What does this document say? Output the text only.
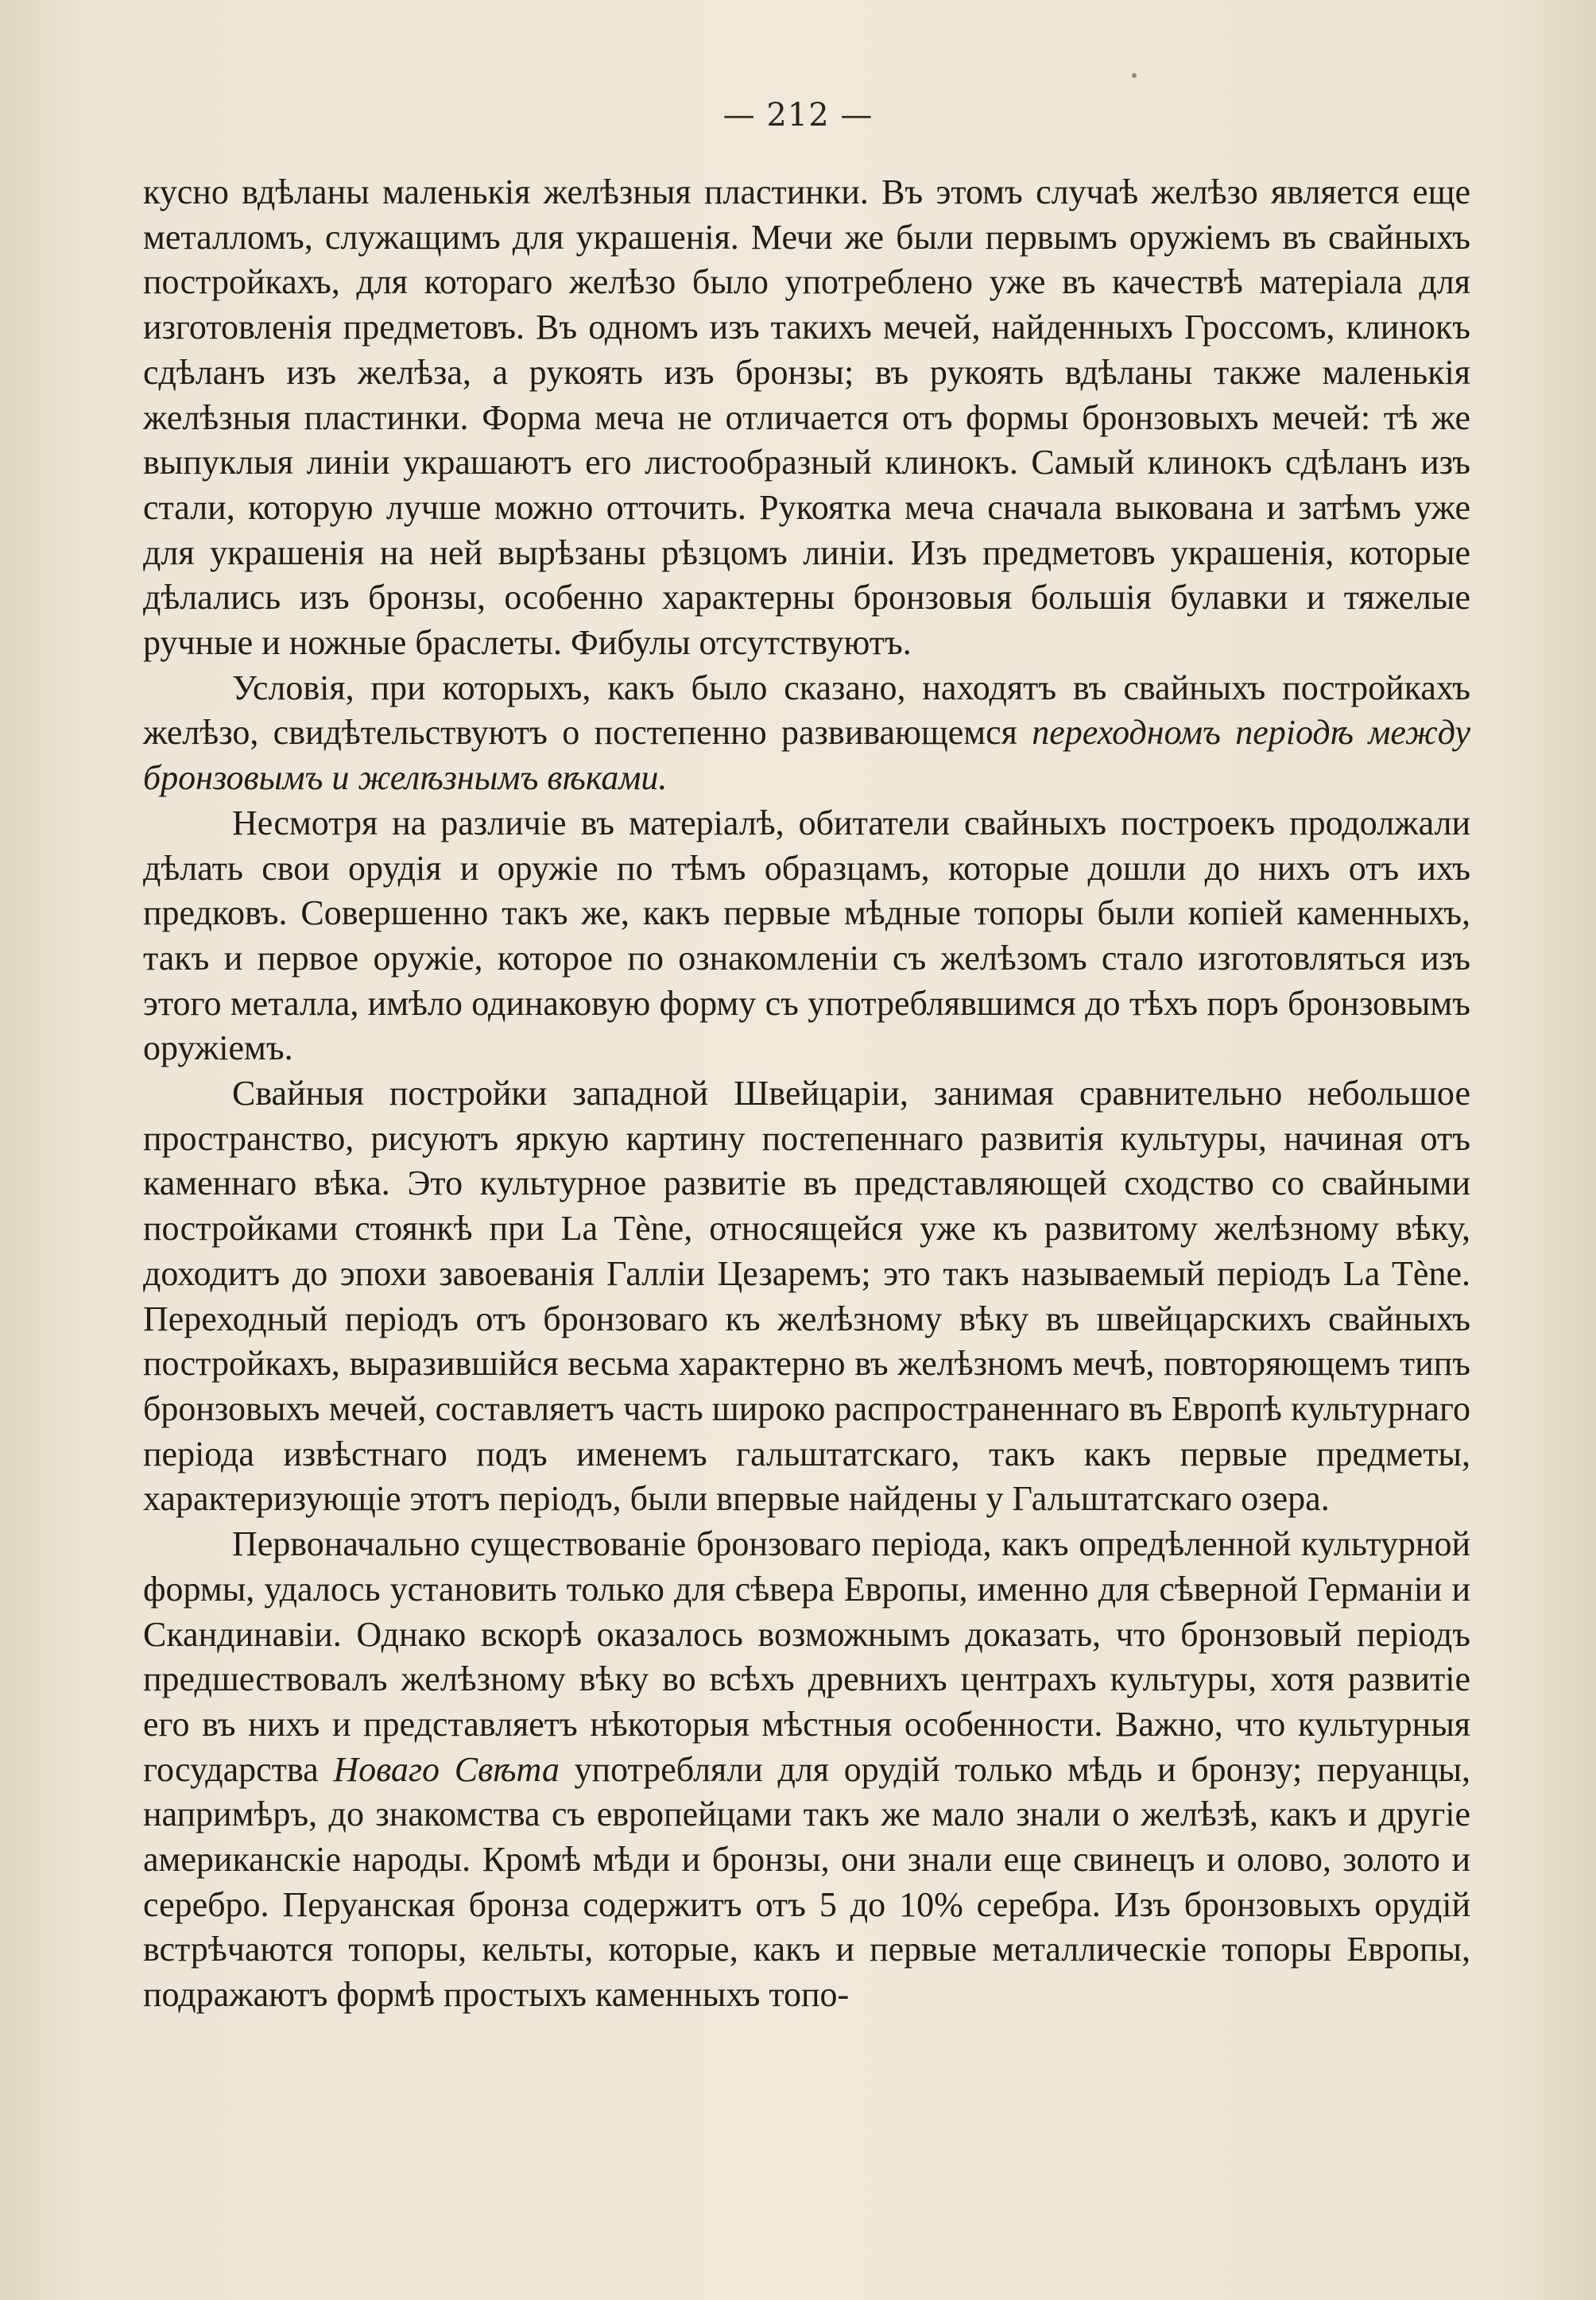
— 212 —

кусно вдѣланы маленькія желѣзныя пластинки. Въ этомъ случаѣ желѣзо является еще металломъ, служащимъ для украшенія. Мечи же были первымъ оружіемъ въ свайныхъ постройкахъ, для котораго желѣзо было употреблено уже въ качествѣ матеріала для изготовленія предметовъ. Въ одномъ изъ такихъ мечей, найденныхъ Гроссомъ, клинокъ сдѣланъ изъ желѣза, а рукоять изъ бронзы; въ рукоять вдѣланы также маленькія желѣзныя пластинки. Форма меча не отличается отъ формы бронзовыхъ мечей: тѣ же выпуклыя линіи украшаютъ его листообразный клинокъ. Самый клинокъ сдѣланъ изъ стали, которую лучше можно отточить. Рукоятка меча сначала выкована и затѣмъ уже для украшенія на ней вырѣзаны рѣзцомъ линіи. Изъ предметовъ украшенія, которые дѣлались изъ бронзы, особенно характерны бронзовыя большія булавки и тяжелые ручные и ножные браслеты. Фибулы отсутствуютъ.

Условія, при которыхъ, какъ было сказано, находятъ въ свайныхъ постройкахъ желѣзо, свидѣтельствуютъ о постепенно развивающемся переходномъ періодѣ между бронзовымъ и желѣзнымъ вѣками.

Несмотря на различіе въ матеріалѣ, обитатели свайныхъ построекъ продолжали дѣлать свои орудія и оружіе по тѣмъ образцамъ, которые дошли до нихъ отъ ихъ предковъ. Совершенно такъ же, какъ первые мѣдные топоры были копіей каменныхъ, такъ и первое оружіе, которое по ознакомленіи съ желѣзомъ стало изготовляться изъ этого металла, имѣло одинаковую форму съ употреблявшимся до тѣхъ поръ бронзовымъ оружіемъ.

Свайныя постройки западной Швейцаріи, занимая сравнительно небольшое пространство, рисуютъ яркую картину постепеннаго развитія культуры, начиная отъ каменнаго вѣка. Это культурное развитіе въ представляющей сходство со свайными постройками стоянкѣ при La Tène, относящейся уже къ развитому желѣзному вѣку, доходитъ до эпохи завоеванія Галліи Цезаремъ; это такъ называемый періодъ La Tène. Переходный періодъ отъ бронзоваго къ желѣзному вѣку въ швейцарскихъ свайныхъ постройкахъ, выразившійся весьма характерно въ желѣзномъ мечѣ, повторяющемъ типъ бронзовыхъ мечей, составляетъ часть широко распространеннаго въ Европѣ культурнаго періода извѣстнаго подъ именемъ гальштатскаго, такъ какъ первые предметы, характеризующіе этотъ періодъ, были впервые найдены у Гальштатскаго озера.

Первоначально существованіе бронзоваго періода, какъ опредѣленной культурной формы, удалось установить только для сѣвера Европы, именно для сѣверной Германіи и Скандинавіи. Однако вскорѣ оказалось возможнымъ доказать, что бронзовый періодъ предшествовалъ желѣзному вѣку во всѣхъ древнихъ центрахъ культуры, хотя развитіе его въ нихъ и представляетъ нѣкоторыя мѣстныя особенности. Важно, что культурныя государства Новаго Свѣта употребляли для орудій только мѣдь и бронзу; перуанцы, напримѣръ, до знакомства съ европейцами такъ же мало знали о желѣзѣ, какъ и другіе американскіе народы. Кромѣ мѣди и бронзы, они знали еще свинецъ и олово, золото и серебро. Перуанская бронза содержитъ отъ 5 до 10% серебра. Изъ бронзовыхъ орудій встрѣчаются топоры, кельты, которые, какъ и первые металлическіе топоры Европы, подражаютъ формѣ простыхъ каменныхъ топо-
